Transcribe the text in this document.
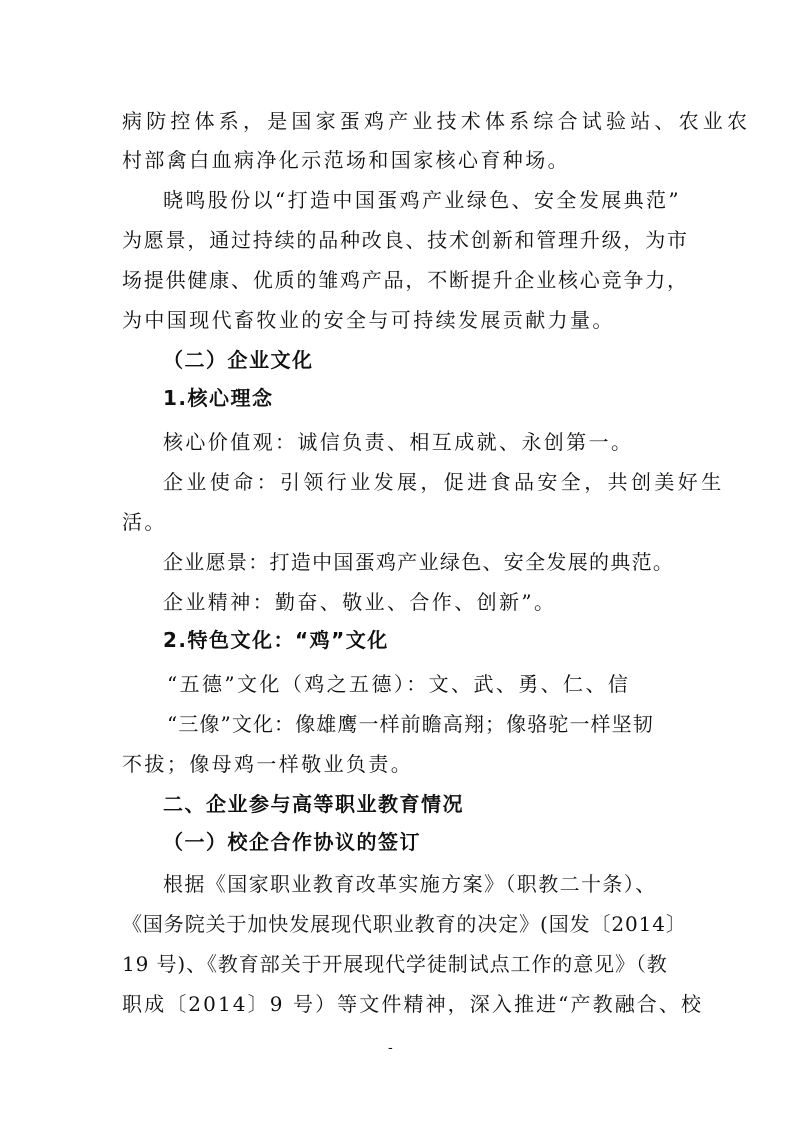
病防控体系，是国家蛋鸡产业技术体系综合试验站、农业农
村部禽白血病净化示范场和国家核心育种场。
晓鸣股份以“打造中国蛋鸡产业绿色、安全发展典范”
为愿景，通过持续的品种改良、技术创新和管理升级，为市
场提供健康、优质的雏鸡产品，不断提升企业核心竞争力，
为中国现代畜牧业的安全与可持续发展贡献力量。
（二）企业文化
1.核心理念
核心价值观：诚信负责、相互成就、永创第一。
企业使命：引领行业发展，促进食品安全，共创美好生
活。
企业愿景：打造中国蛋鸡产业绿色、安全发展的典范。
企业精神：勤奋、敬业、合作、创新”。
2.特色文化：“鸡”文化
“五德”文化（鸡之五德）：文、武、勇、仁、信
“三像”文化：像雄鹰一样前瞻高翔；像骆驼一样坚韧
不拔；像母鸡一样敬业负责。
二、企业参与高等职业教育情况
（一）校企合作协议的签订
根据《国家职业教育改革实施方案》（职教二十条）、
《国务院关于加快发展现代职业教育的决定》(国发〔2014〕
19 号)、《教育部关于开展现代学徒制试点工作的意见》（教
职成〔2014〕9 号）等文件精神，深入推进“产教融合、校
-
